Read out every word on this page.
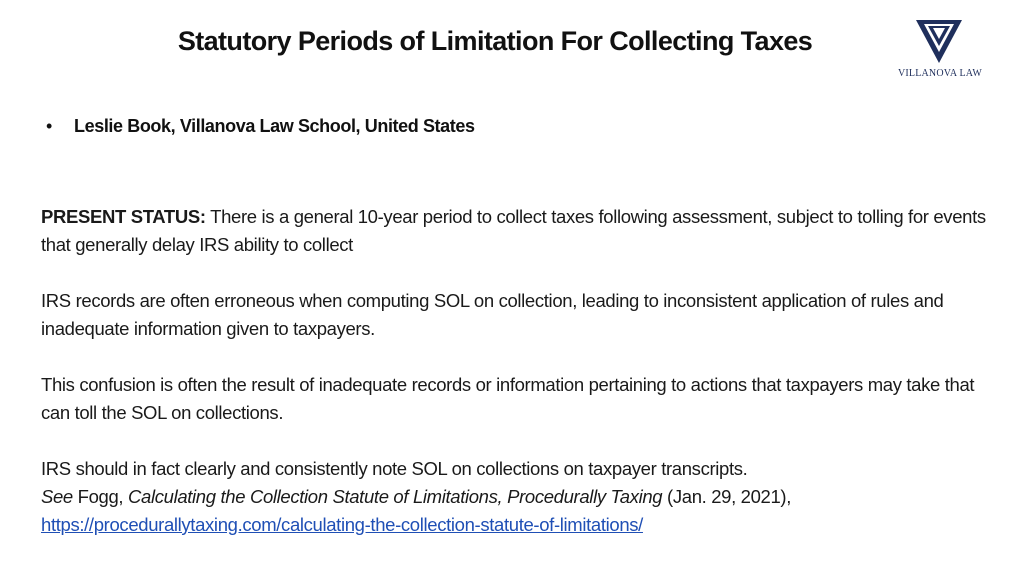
Statutory Periods of Limitation For Collecting Taxes
VILLANOVA LAW
• Leslie Book, Villanova Law School, United States

PRESENT STATUS: There is a general 10-year period to collect taxes following assessment, subject to tolling for events that generally delay IRS ability to collect

IRS records are often erroneous when computing SOL on collection, leading to inconsistent application of rules and inadequate information given to taxpayers.

This confusion is often the result of inadequate records or information pertaining to actions that taxpayers may take that can toll the SOL on collections.

IRS should in fact clearly and consistently note SOL on collections on taxpayer transcripts.
See Fogg, Calculating the Collection Statute of Limitations, Procedurally Taxing (Jan. 29, 2021),
https://procedurallytaxing.com/calculating-the-collection-statute-of-limitations/
